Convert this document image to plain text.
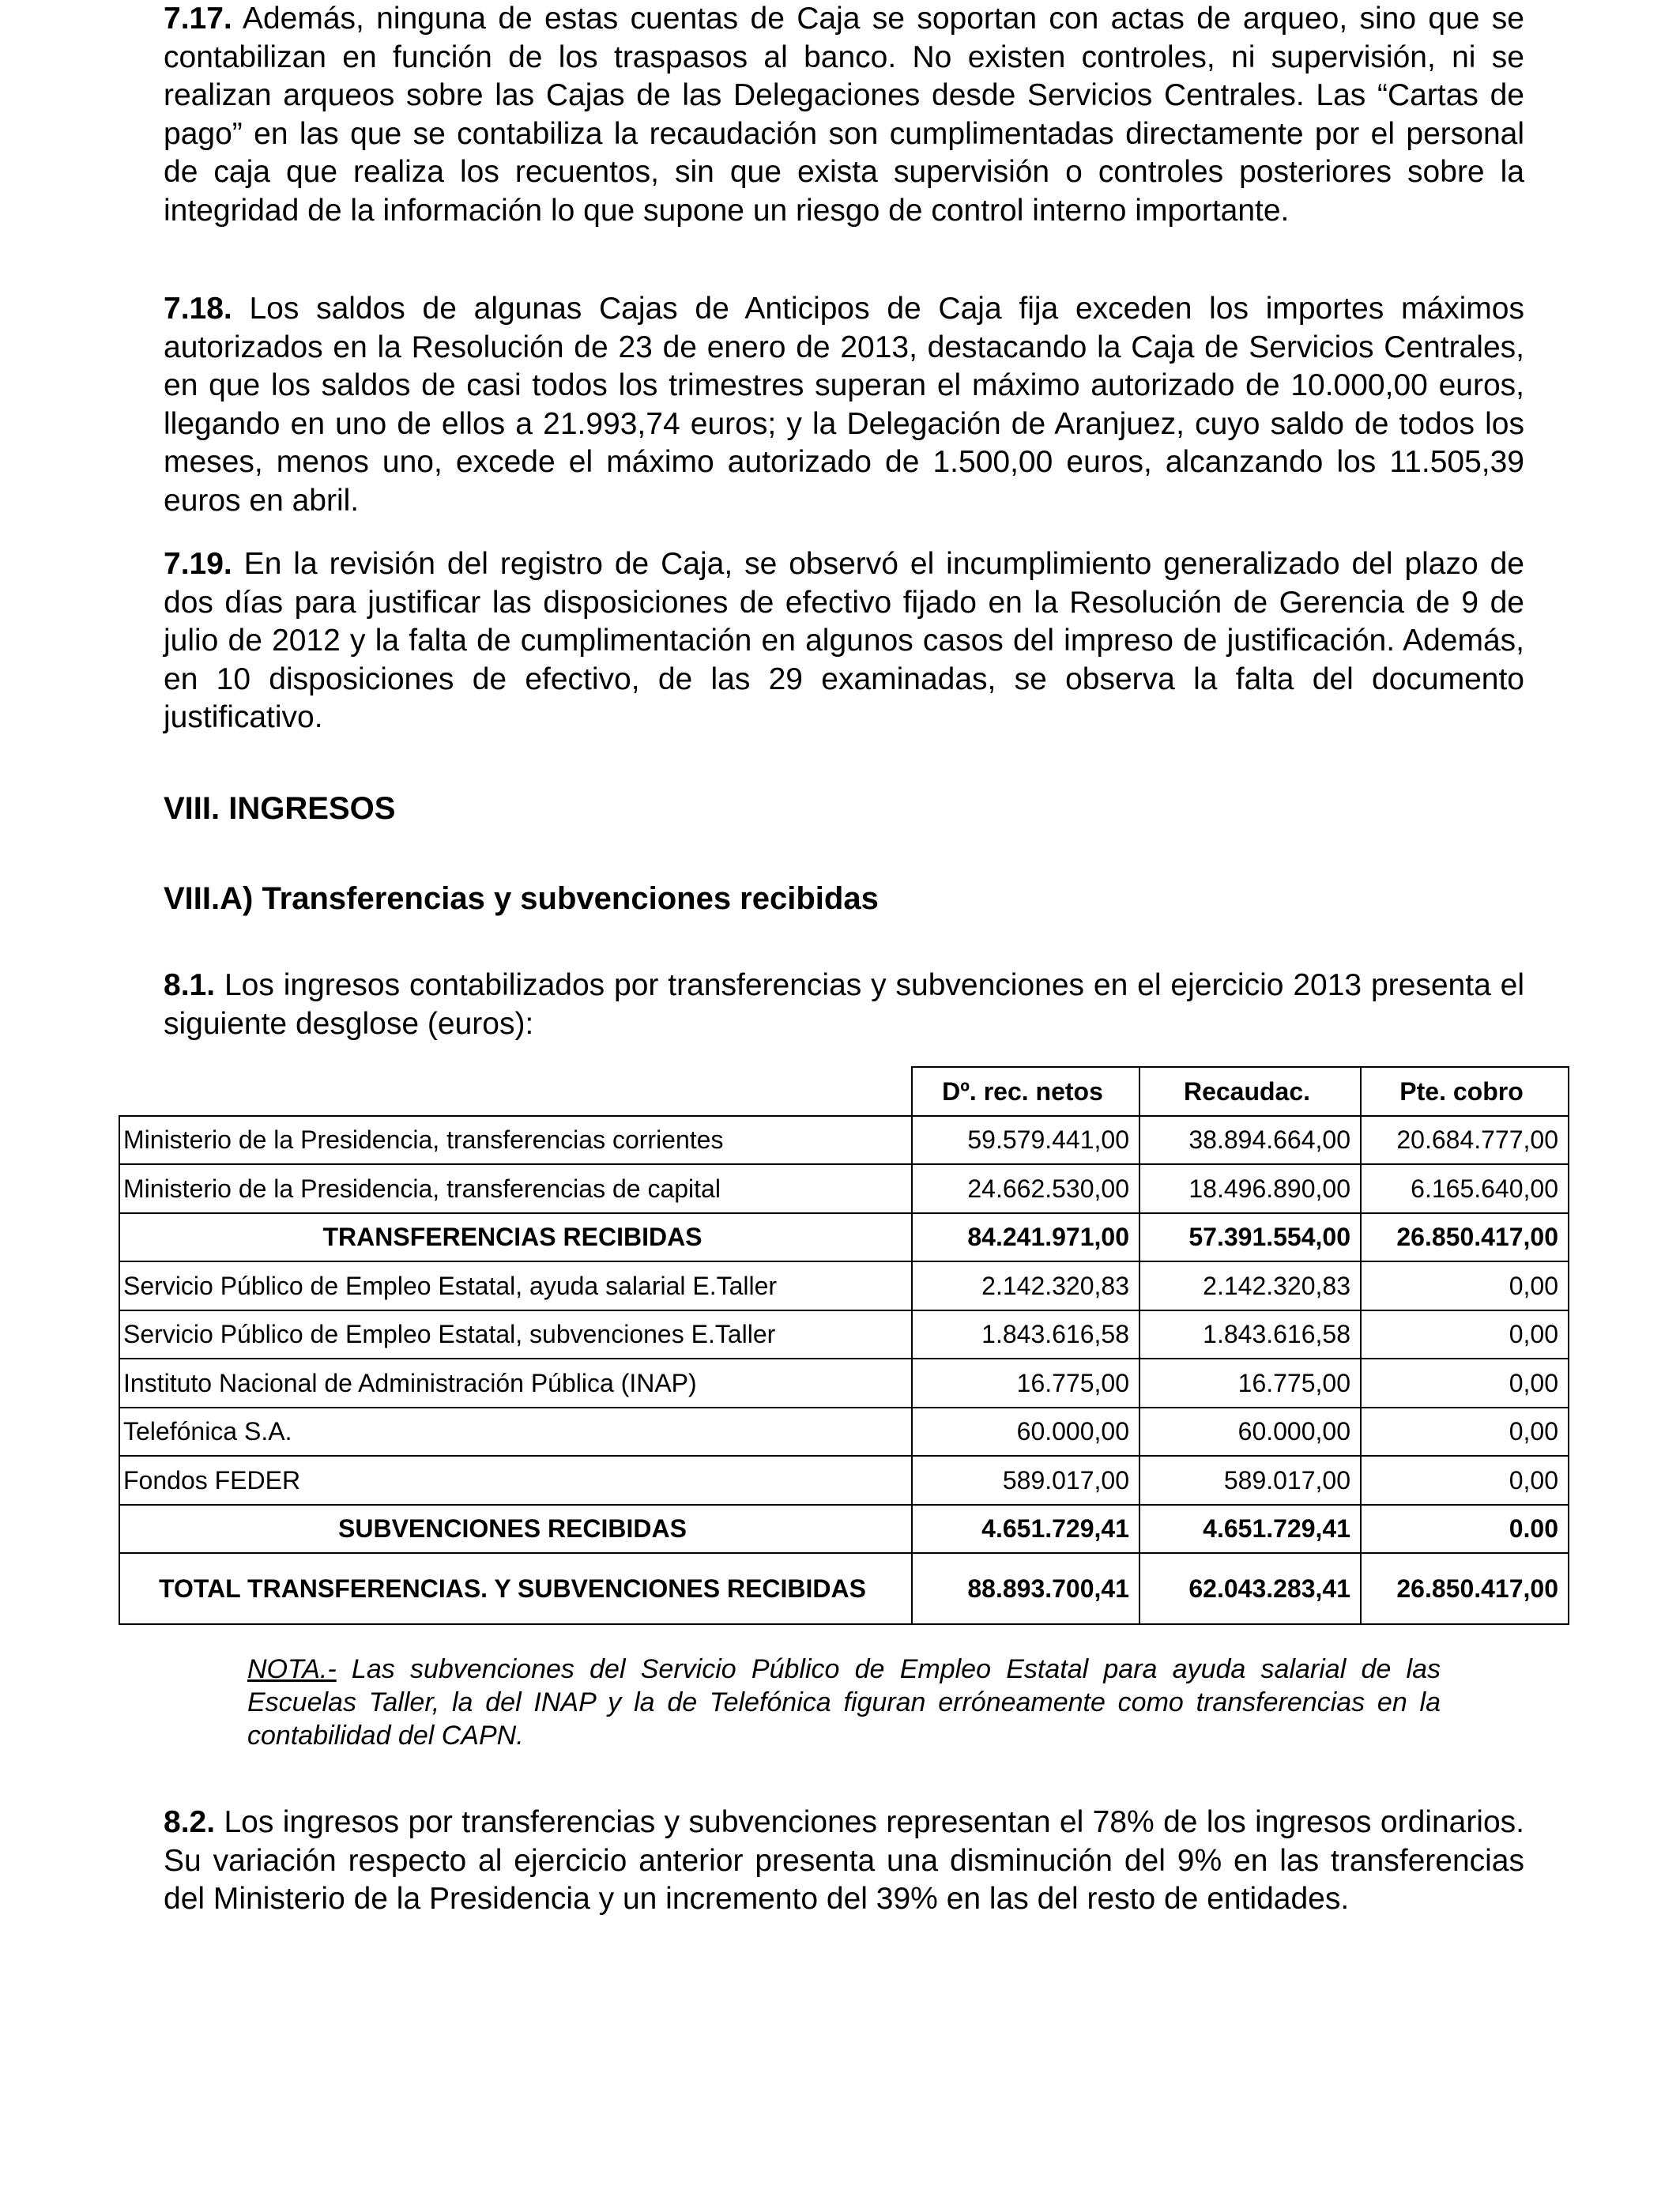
7.17. Además, ninguna de estas cuentas de Caja se soportan con actas de arqueo, sino que se contabilizan en función de los traspasos al banco. No existen controles, ni supervisión, ni se realizan arqueos sobre las Cajas de las Delegaciones desde Servicios Centrales. Las “Cartas de pago” en las que se contabiliza la recaudación son cumplimentadas directamente por el personal de caja que realiza los recuentos, sin que exista supervisión o controles posteriores sobre la integridad de la información lo que supone un riesgo de control interno importante.

7.18. Los saldos de algunas Cajas de Anticipos de Caja fija exceden los importes máximos autorizados en la Resolución de 23 de enero de 2013, destacando la Caja de Servicios Centrales, en que los saldos de casi todos los trimestres superan el máximo autorizado de 10.000,00 euros, llegando en uno de ellos a 21.993,74 euros; y la Delegación de Aranjuez, cuyo saldo de todos los meses, menos uno, excede el máximo autorizado de 1.500,00 euros, alcanzando los 11.505,39 euros en abril.

7.19. En la revisión del registro de Caja, se observó el incumplimiento generalizado del plazo de dos días para justificar las disposiciones de efectivo fijado en la Resolución de Gerencia de 9 de julio de 2012 y la falta de cumplimentación en algunos casos del impreso de justificación. Además, en 10 disposiciones de efectivo, de las 29 examinadas, se observa la falta del documento justificativo.

VIII. INGRESOS
VIII.A) Transferencias y subvenciones recibidas

8.1. Los ingresos contabilizados por transferencias y subvenciones en el ejercicio 2013 presenta el siguiente desglose (euros):

	Dº. rec. netos	Recaudac.	Pte. cobro
Ministerio de la Presidencia, transferencias corrientes	59.579.441,00	38.894.664,00	20.684.777,00
Ministerio de la Presidencia, transferencias de capital	24.662.530,00	18.496.890,00	6.165.640,00
TRANSFERENCIAS RECIBIDAS	84.241.971,00	57.391.554,00	26.850.417,00
Servicio Público de Empleo Estatal, ayuda salarial E.Taller	2.142.320,83	2.142.320,83	0,00
Servicio Público de Empleo Estatal, subvenciones E.Taller	1.843.616,58	1.843.616,58	0,00
Instituto Nacional de Administración Pública (INAP)	16.775,00	16.775,00	0,00
Telefónica S.A.	60.000,00	60.000,00	0,00
Fondos FEDER	589.017,00	589.017,00	0,00
SUBVENCIONES RECIBIDAS	4.651.729,41	4.651.729,41	0.00
TOTAL TRANSFERENCIAS. Y SUBVENCIONES RECIBIDAS	88.893.700,41	62.043.283,41	26.850.417,00

NOTA.- Las subvenciones del Servicio Público de Empleo Estatal para ayuda salarial de las Escuelas Taller, la del INAP y la de Telefónica figuran erróneamente como transferencias en la contabilidad del CAPN.

8.2. Los ingresos por transferencias y subvenciones representan el 78% de los ingresos ordinarios. Su variación respecto al ejercicio anterior presenta una disminución del 9% en las transferencias del Ministerio de la Presidencia y un incremento del 39% en las del resto de entidades.
